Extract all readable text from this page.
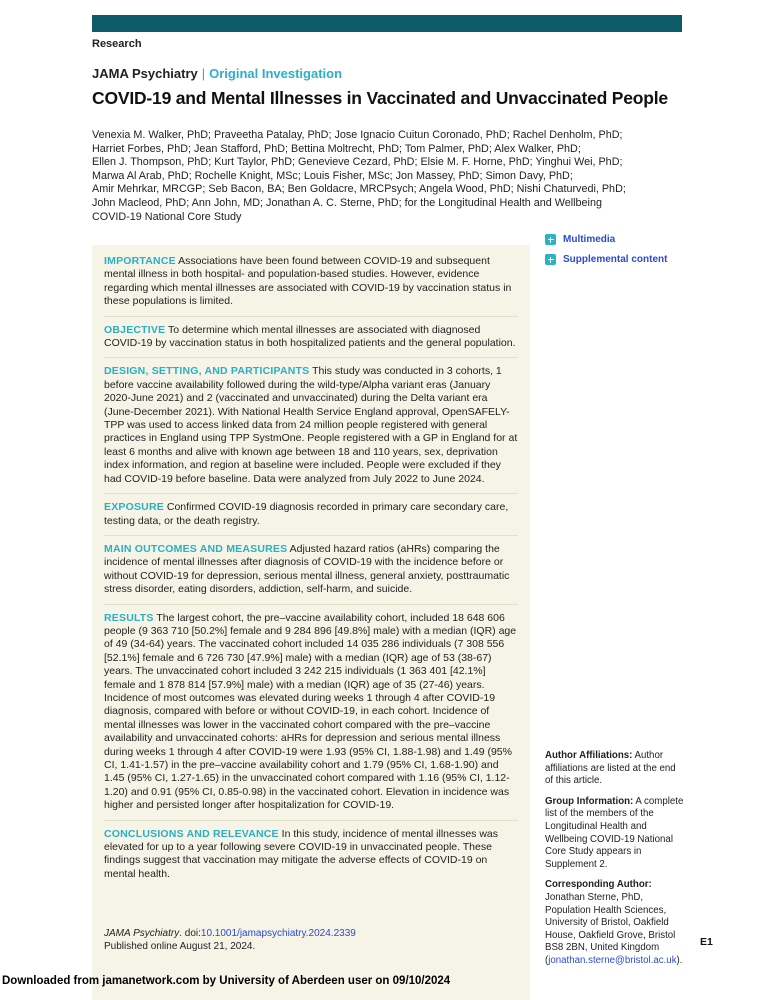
Research
JAMA Psychiatry | Original Investigation
COVID-19 and Mental Illnesses in Vaccinated and Unvaccinated People
Venexia M. Walker, PhD; Praveetha Patalay, PhD; Jose Ignacio Cuitun Coronado, PhD; Rachel Denholm, PhD;
Harriet Forbes, PhD; Jean Stafford, PhD; Bettina Moltrecht, PhD; Tom Palmer, PhD; Alex Walker, PhD;
Ellen J. Thompson, PhD; Kurt Taylor, PhD; Genevieve Cezard, PhD; Elsie M. F. Horne, PhD; Yinghui Wei, PhD;
Marwa Al Arab, PhD; Rochelle Knight, MSc; Louis Fisher, MSc; Jon Massey, PhD; Simon Davy, PhD;
Amir Mehrkar, MRCGP; Seb Bacon, BA; Ben Goldacre, MRCPsych; Angela Wood, PhD; Nishi Chaturvedi, PhD;
John Macleod, PhD; Ann John, MD; Jonathan A. C. Sterne, PhD; for the Longitudinal Health and Wellbeing
COVID-19 National Core Study
IMPORTANCE Associations have been found between COVID-19 and subsequent mental illness in both hospital- and population-based studies. However, evidence regarding which mental illnesses are associated with COVID-19 by vaccination status in these populations is limited.
OBJECTIVE To determine which mental illnesses are associated with diagnosed COVID-19 by vaccination status in both hospitalized patients and the general population.
DESIGN, SETTING, AND PARTICIPANTS This study was conducted in 3 cohorts, 1 before vaccine availability followed during the wild-type/Alpha variant eras (January 2020-June 2021) and 2 (vaccinated and unvaccinated) during the Delta variant era (June-December 2021). With National Health Service England approval, OpenSAFELY-TPP was used to access linked data from 24 million people registered with general practices in England using TPP SystmOne. People registered with a GP in England for at least 6 months and alive with known age between 18 and 110 years, sex, deprivation index information, and region at baseline were included. People were excluded if they had COVID-19 before baseline. Data were analyzed from July 2022 to June 2024.
EXPOSURE Confirmed COVID-19 diagnosis recorded in primary care secondary care, testing data, or the death registry.
MAIN OUTCOMES AND MEASURES Adjusted hazard ratios (aHRs) comparing the incidence of mental illnesses after diagnosis of COVID-19 with the incidence before or without COVID-19 for depression, serious mental illness, general anxiety, posttraumatic stress disorder, eating disorders, addiction, self-harm, and suicide.
RESULTS The largest cohort, the pre–vaccine availability cohort, included 18 648 606 people (9 363 710 [50.2%] female and 9 284 896 [49.8%] male) with a median (IQR) age of 49 (34-64) years. The vaccinated cohort included 14 035 286 individuals (7 308 556 [52.1%] female and 6 726 730 [47.9%] male) with a median (IQR) age of 53 (38-67) years. The unvaccinated cohort included 3 242 215 individuals (1 363 401 [42.1%] female and 1 878 814 [57.9%] male) with a median (IQR) age of 35 (27-46) years. Incidence of most outcomes was elevated during weeks 1 through 4 after COVID-19 diagnosis, compared with before or without COVID-19, in each cohort. Incidence of mental illnesses was lower in the vaccinated cohort compared with the pre–vaccine availability and unvaccinated cohorts: aHRs for depression and serious mental illness during weeks 1 through 4 after COVID-19 were 1.93 (95% CI, 1.88-1.98) and 1.49 (95% CI, 1.41-1.57) in the pre–vaccine availability cohort and 1.79 (95% CI, 1.68-1.90) and 1.45 (95% CI, 1.27-1.65) in the unvaccinated cohort compared with 1.16 (95% CI, 1.12-1.20) and 0.91 (95% CI, 0.85-0.98) in the vaccinated cohort. Elevation in incidence was higher and persisted longer after hospitalization for COVID-19.
CONCLUSIONS AND RELEVANCE In this study, incidence of mental illnesses was elevated for up to a year following severe COVID-19 in unvaccinated people. These findings suggest that vaccination may mitigate the adverse effects of COVID-19 on mental health.
JAMA Psychiatry. doi:10.1001/jamapsychiatry.2024.2339
Published online August 21, 2024.
Multimedia
Supplemental content
Author Affiliations: Author affiliations are listed at the end of this article.
Group Information: A complete list of the members of the Longitudinal Health and Wellbeing COVID-19 National Core Study appears in Supplement 2.
Corresponding Author: Jonathan Sterne, PhD, Population Health Sciences, University of Bristol, Oakfield House, Oakfield Grove, Bristol BS8 2BN, United Kingdom (jonathan.sterne@bristol.ac.uk).
E1
Downloaded from jamanetwork.com by University of Aberdeen user on 09/10/2024
